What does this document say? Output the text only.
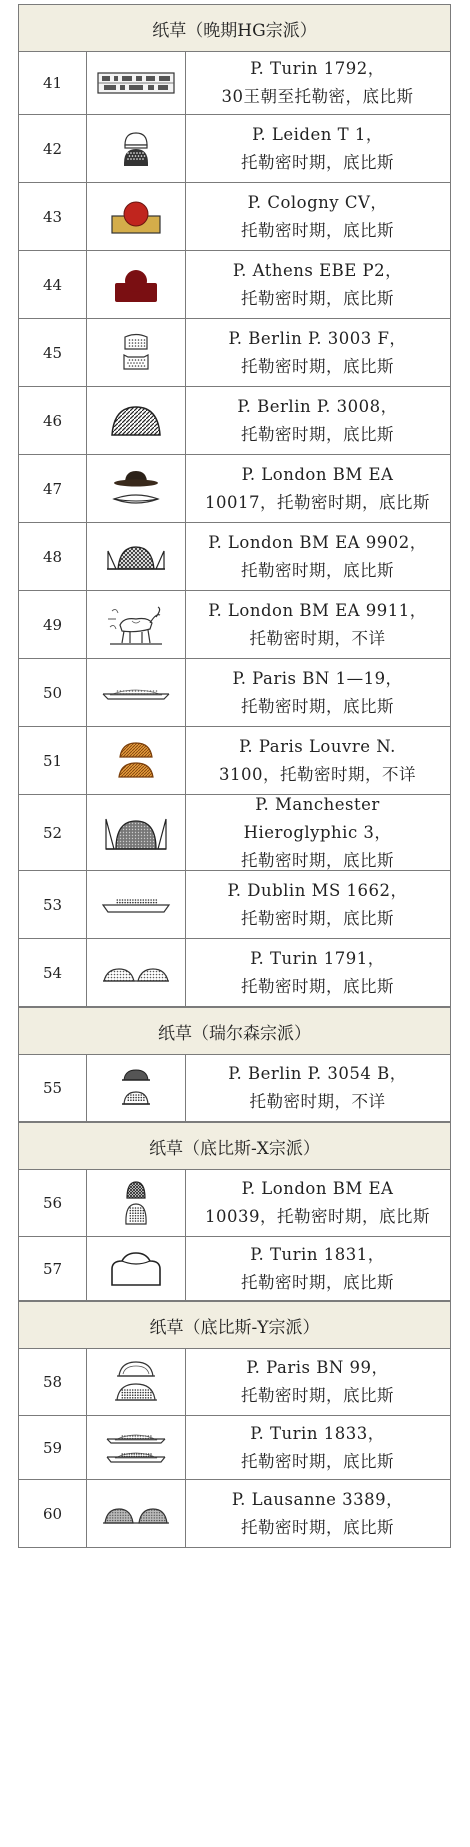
纸草（晚期HG宗派）
41
P. Turin 1792，
30王朝至托勒密，底比斯
42
P. Leiden T 1，
托勒密时期，底比斯
43
P. Cologny CV，
托勒密时期，底比斯
44
P. Athens EBE P2，
托勒密时期，底比斯
45
P. Berlin P. 3003 F，
托勒密时期，底比斯
46
P. Berlin P. 3008，
托勒密时期，底比斯
47
P. London BM EA
10017，托勒密时期，底比斯
48
P. London BM EA 9902，
托勒密时期，底比斯
49
P. London BM EA 9911，
托勒密时期，不详
50
P. Paris BN 1—19，
托勒密时期，底比斯
51
P. Paris Louvre N.
3100，托勒密时期，不详
52
P. Manchester
Hieroglyphic 3，
托勒密时期，底比斯
53
P. Dublin MS 1662，
托勒密时期，底比斯
54
P. Turin 1791，
托勒密时期，底比斯
纸草（瑞尔森宗派）
55
P. Berlin P. 3054 B，
托勒密时期，不详
纸草（底比斯-X宗派）
56
P. London BM EA
10039，托勒密时期，底比斯
57
P. Turin 1831，
托勒密时期，底比斯
纸草（底比斯-Y宗派）
58
P. Paris BN 99，
托勒密时期，底比斯
59
P. Turin 1833，
托勒密时期，底比斯
60
P. Lausanne 3389，
托勒密时期，底比斯
